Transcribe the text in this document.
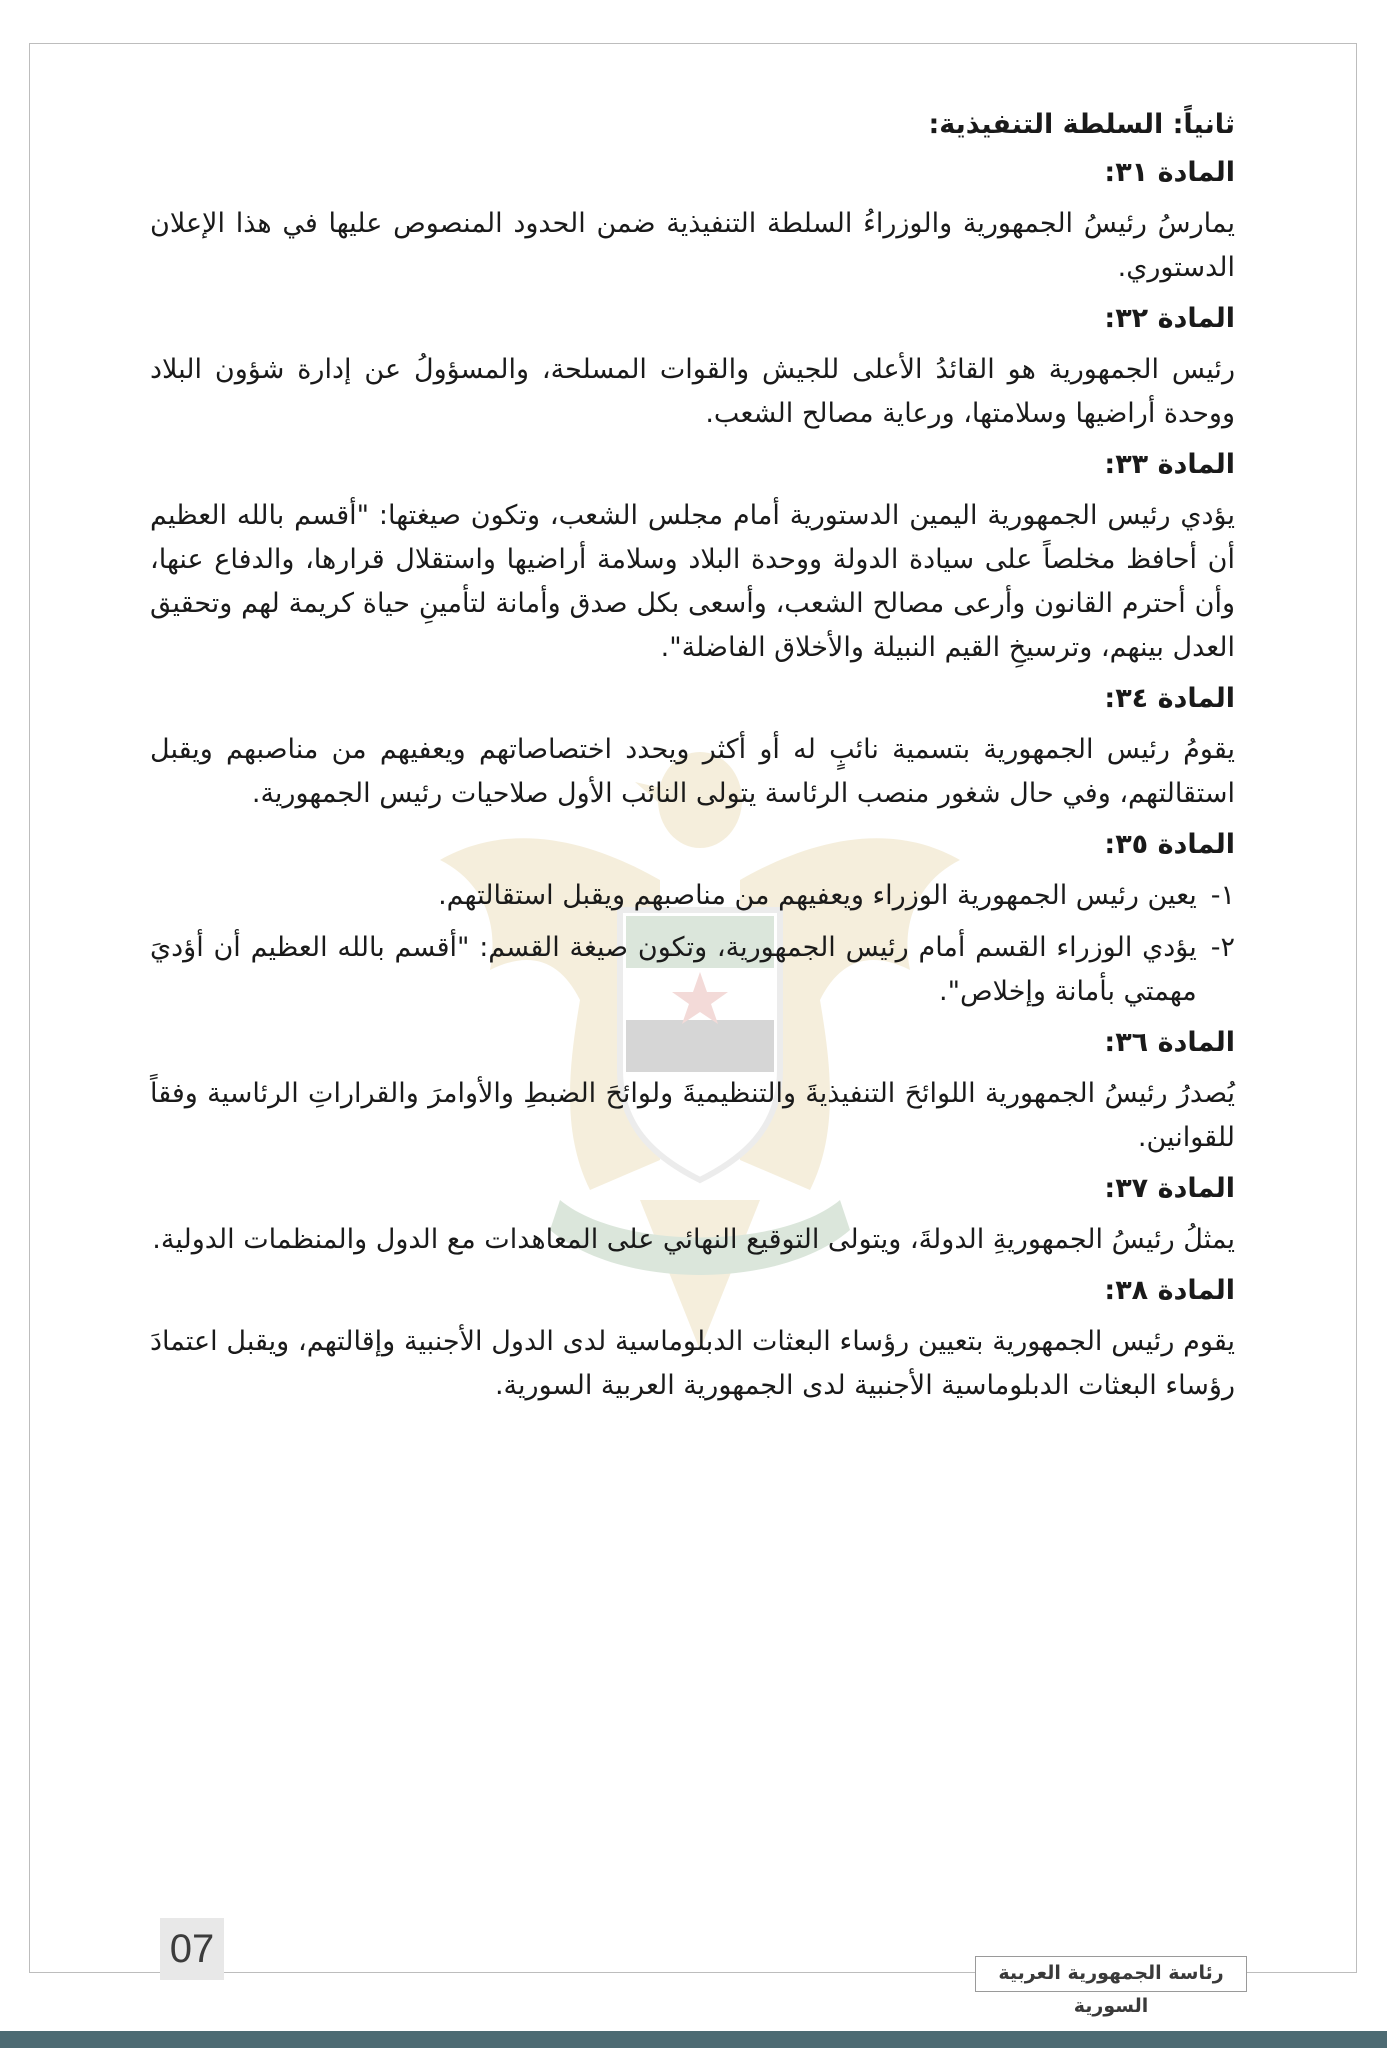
ثانياً: السلطة التنفيذية:
المادة ٣١:
يمارسُ رئيسُ الجمهورية والوزراءُ السلطة التنفيذية ضمن الحدود المنصوص عليها في هذا الإعلان الدستوري.
المادة ٣٢:
رئيس الجمهورية هو القائدُ الأعلى للجيش والقوات المسلحة، والمسؤولُ عن إدارة شؤون البلاد ووحدة أراضيها وسلامتها، ورعاية مصالح الشعب.
المادة ٣٣:
يؤدي رئيس الجمهورية اليمين الدستورية أمام مجلس الشعب، وتكون صيغتها: "أقسم بالله العظيم أن أحافظ مخلصاً على سيادة الدولة ووحدة البلاد وسلامة أراضيها واستقلال قرارها، والدفاع عنها، وأن أحترم القانون وأرعى مصالح الشعب، وأسعى بكل صدق وأمانة لتأمينِ حياة كريمة لهم وتحقيق العدل بينهم، وترسيخِ القيم النبيلة والأخلاق الفاضلة".
المادة ٣٤:
يقومُ رئيس الجمهورية بتسمية نائبٍ له أو أكثر ويحدد اختصاصاتهم ويعفيهم من مناصبهم ويقبل استقالتهم، وفي حال شغور منصب الرئاسة يتولى النائب الأول صلاحيات رئيس الجمهورية.
المادة ٣٥:
١-
يعين رئيس الجمهورية الوزراء ويعفيهم من مناصبهم ويقبل استقالتهم.
٢-
يؤدي الوزراء القسم أمام رئيس الجمهورية، وتكون صيغة القسم: "أقسم بالله العظيم أن أؤديَ مهمتي بأمانة وإخلاص".
المادة ٣٦:
يُصدرُ رئيسُ الجمهورية اللوائحَ التنفيذيةَ والتنظيميةَ ولوائحَ الضبطِ والأوامرَ والقراراتِ الرئاسية وفقاً للقوانين.
المادة ٣٧:
يمثلُ رئيسُ الجمهوريةِ الدولةَ، ويتولى التوقيع النهائي على المعاهدات مع الدول والمنظمات الدولية.
المادة ٣٨:
يقوم رئيس الجمهورية بتعيين رؤساء البعثات الدبلوماسية لدى الدول الأجنبية وإقالتهم، ويقبل اعتمادَ رؤساء البعثات الدبلوماسية الأجنبية لدى الجمهورية العربية السورية.
07
رئاسة الجمهورية العربية السورية
